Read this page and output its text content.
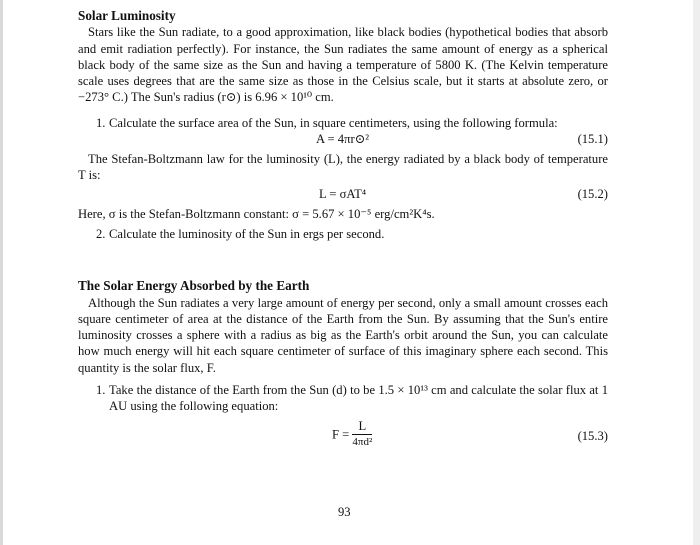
Solar Luminosity
Stars like the Sun radiate, to a good approximation, like black bodies (hypothetical bodies that absorb and emit radiation perfectly). For instance, the Sun radiates the same amount of energy as a spherical black body of the same size as the Sun and having a temperature of 5800 K. (The Kelvin temperature scale uses degrees that are the same size as those in the Celsius scale, but it starts at absolute zero, or −273° C.) The Sun's radius (r⊙) is 6.96 × 10¹⁰ cm.
1. Calculate the surface area of the Sun, in square centimeters, using the following formula:
A = 4πr⊙²	(15.1)
The Stefan-Boltzmann law for the luminosity (L), the energy radiated by a black body of temperature T is:
L = σAT⁴	(15.2)
Here, σ is the Stefan-Boltzmann constant: σ = 5.67 × 10⁻⁵ erg/cm²K⁴s.
2. Calculate the luminosity of the Sun in ergs per second.
The Solar Energy Absorbed by the Earth
Although the Sun radiates a very large amount of energy per second, only a small amount crosses each square centimeter of area at the distance of the Earth from the Sun. By assuming that the Sun's entire luminosity crosses a sphere with a radius as big as the Earth's orbit around the Sun, you can calculate how much energy will hit each square centimeter of surface of this imaginary sphere each second. This quantity is the solar flux, F.
1. Take the distance of the Earth from the Sun (d) to be 1.5 × 10¹³ cm and calculate the solar flux at 1 AU using the following equation:
$F = \frac{L}{\text{4πd²}}$	(15.3)
93
